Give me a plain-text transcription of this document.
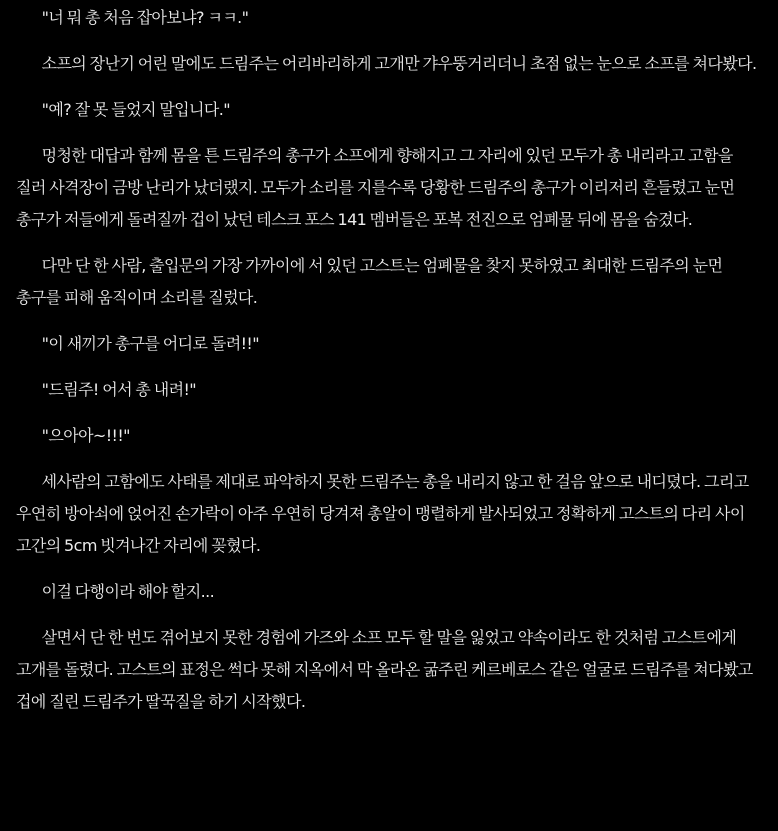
"너 뭐 총 처음 잡아보냐? ㅋㅋ."

소프의 장난기 어린 말에도 드림주는 어리바리하게 고개만 갸우뚱거리더니 초점 없는 눈으로 소프를 쳐다봤다.

"예? 잘 못 들었지 말입니다."

멍청한 대답과 함께 몸을 튼 드림주의 총구가 소프에게 향해지고 그 자리에 있던 모두가 총 내리라고 고함을 질러 사격장이 금방 난리가 났더랬지. 모두가 소리를 지를수록 당황한 드림주의 총구가 이리저리 흔들렸고 눈먼 총구가 저들에게 돌려질까 겁이 났던 테스크 포스 141 멤버들은 포복 전진으로 엄폐물 뒤에 몸을 숨겼다.

다만 단 한 사람, 출입문의 가장 가까이에 서 있던 고스트는 엄폐물을 찾지 못하였고 최대한 드림주의 눈먼 총구를 피해 움직이며 소리를 질렀다.

"이 새끼가 총구를 어디로 돌려!!"

"드림주! 어서 총 내려!"

"으아아~!!!"

세사람의 고함에도 사태를 제대로 파악하지 못한 드림주는 총을 내리지 않고 한 걸음 앞으로 내디뎠다. 그리고 우연히 방아쇠에 얹어진 손가락이 아주 우연히 당겨져 총알이 맹렬하게 발사되었고 정확하게 고스트의 다리 사이 고간의 5cm 빗겨나간 자리에 꽂혔다.

이걸 다행이라 해야 할지...

살면서 단 한 번도 겪어보지 못한 경험에 가즈와 소프 모두 할 말을 잃었고 약속이라도 한 것처럼 고스트에게 고개를 돌렸다. 고스트의 표정은 썩다 못해 지옥에서 막 올라온 굶주린 케르베로스 같은 얼굴로 드림주를 쳐다봤고 겁에 질린 드림주가 딸꾹질을 하기 시작했다.
